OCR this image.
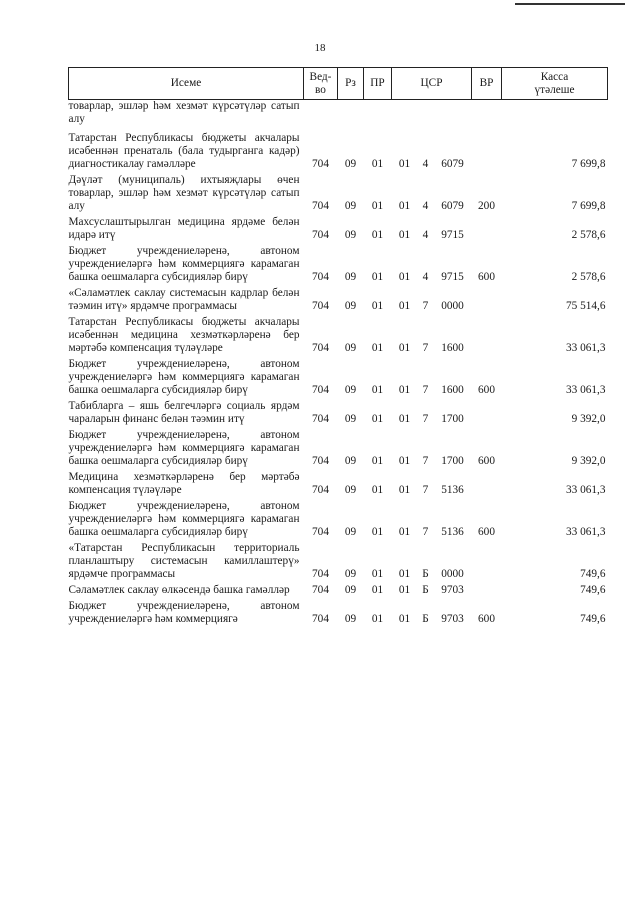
18
Исеме	Вед-
во	Рз	ПР	ЦСР			ВР	Касса
үтәлеше

товарлар, эшләр һәм хезмәт күрсәтүләр сатып алу								

Татарстан Республикасы бюджеты акчалары исәбеннән пренаталь (бала тудырганга кадәр) диагностикалау гамәлләре	704	09	01	01	4	6079		7 699,8

Дәүләт (муниципаль) ихтыяҗлары өчен товарлар, эшләр һәм хезмәт күрсәтүләр сатып алу	704	09	01	01	4	6079	200	7 699,8

Махсуслаштырылган медицина ярдәме белән идарә итү	704	09	01	01	4	9715		2 578,6

Бюджет учреждениеләренә, автоном учреждениеләргә һәм коммерциягә карамаган башка оешмаларга субсидияләр бирү	704	09	01	01	4	9715	600	2 578,6

«Сәламәтлек саклау системасын кадрлар белән тәэмин итү» ярдәмче программасы	704	09	01	01	7	0000		75 514,6

Татарстан Республикасы бюджеты акчалары исәбеннән медицина хезмәткәрләренә бер мәртәбә компенсация түләүләре	704	09	01	01	7	1600		33 061,3

Бюджет учреждениеләренә, автоном учреждениеләргә һәм коммерциягә карамаган башка оешмаларга субсидияләр бирү	704	09	01	01	7	1600	600	33 061,3

Табибларга – яшь белгечләргә социаль ярдәм чараларын финанс белән тәэмин итү	704	09	01	01	7	1700		9 392,0

Бюджет учреждениеләренә, автоном учреждениеләргә һәм коммерциягә карамаган башка оешмаларга субсидияләр бирү	704	09	01	01	7	1700	600	9 392,0

Медицина хезмәткәрләренә бер мәртәбә компенсация түләүләре	704	09	01	01	7	5136		33 061,3

Бюджет учреждениеләренә, автоном учреждениеләргә һәм коммерциягә карамаган башка оешмаларга субсидияләр бирү	704	09	01	01	7	5136	600	33 061,3

«Татарстан Республикасын территориаль планлаштыру системасын камиллаштерү» ярдәмче программасы	704	09	01	01	Б	0000		749,6

Сәламәтлек саклау өлкәсендә башка гамәлләр	704	09	01	01	Б	9703		749,6

Бюджет учреждениеләренә, автоном учреждениеләргә һәм коммерциягә	704	09	01	01	Б	9703	600	749,6
